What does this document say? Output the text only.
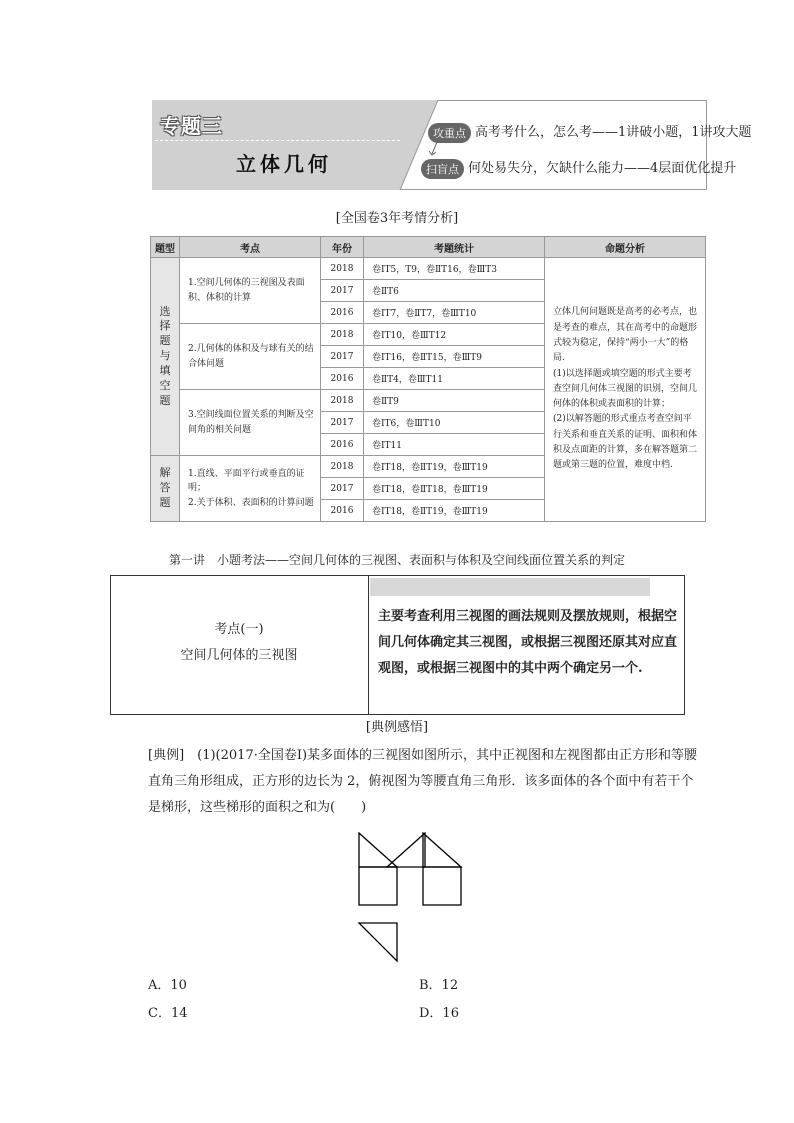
专题三
立体几何
攻重点 高考考什么，怎么考——1讲破小题，1讲攻大题
扫盲点 何处易失分，欠缺什么能力——4层面优化提升
[全国卷3年考情分析]
题型	考点	年份	考题统计	命题分析

选择题与填空题	1.空间几何体的三视图及表面积、体积的计算	2018	卷ⅠT5，T9，卷ⅡT16，卷ⅢT3	立体几何问题既是高考的必考点，也是考查的难点，其在高考中的命题形式较为稳定，保持“两小一大”的格局.
(1)以选择题或填空题的形式主要考查空间几何体三视图的识别，空间几何体的体积或表面积的计算；
(2)以解答题的形式重点考查空间平行关系和垂直关系的证明、面积和体积及点面距的计算，多在解答题第二题或第三题的位置，难度中档.

		2017	卷ⅡT6	
		2016	卷ⅠT7，卷ⅡT7，卷ⅢT10	
	2.几何体的体积及与球有关的结合体问题	2018	卷ⅠT10，卷ⅢT12	
		2017	卷ⅠT16，卷ⅡT15，卷ⅢT9	
		2016	卷ⅡT4，卷ⅢT11	
	3.空间线面位置关系的判断及空间角的相关问题	2018	卷ⅡT9	
		2017	卷ⅠT6，卷ⅢT10	
		2016	卷ⅠT11	

解答题	1.直线、平面平行或垂直的证明；
2.关于体积、表面积的计算问题	2018	卷ⅠT18，卷ⅡT19，卷ⅢT19	
		2017	卷ⅠT18，卷ⅡT18，卷ⅢT19	
		2016	卷ⅠT18，卷ⅡT19，卷ⅢT19	
第一讲　小题考法——空间几何体的三视图、表面积与体积及空间线面位置关系的判定
考点(一)
空间几何体的三视图
主要考查利用三视图的画法规则及摆放规则，根据空间几何体确定其三视图，或根据三视图还原其对应直观图，或根据三视图中的其中两个确定另一个.
[典例感悟]
[典例]　(1)(2017·全国卷Ⅰ)某多面体的三视图如图所示，其中正视图和左视图都由正方形和等腰直角三角形组成，正方形的边长为 2，俯视图为等腰直角三角形．该多面体的各个面中有若干个是梯形，这些梯形的面积之和为(　　)
A．10	B．12
C．14	D．16
